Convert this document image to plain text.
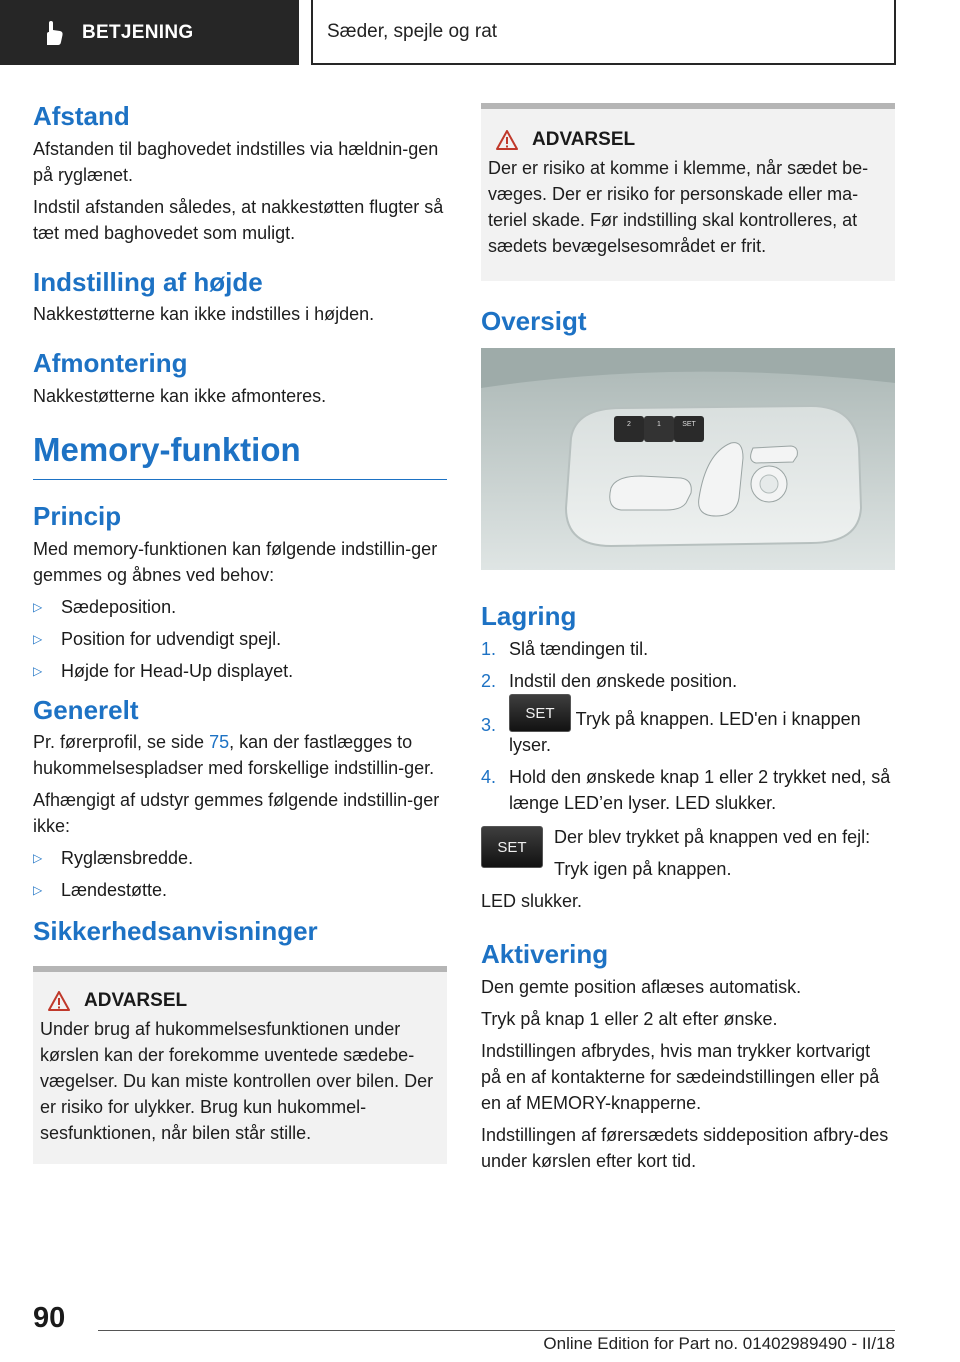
BETJENING	Sæder, spejle og rat
Afstand

Afstanden til baghovedet indstilles via hældnin-gen på ryglænet.

Indstil afstanden således, at nakkestøtten flugter så tæt med baghovedet som muligt.

Indstilling af højde

Nakkestøtterne kan ikke indstilles i højden.

Afmontering

Nakkestøtterne kan ikke afmonteres.

Memory-funktion
Princip

Med memory-funktionen kan følgende indstillin-ger gemmes og åbnes ved behov:

▷ Sædeposition.
▷ Position for udvendigt spejl.
▷ Højde for Head-Up displayet.
Generelt

Pr. førerprofil, se side 75, kan der fastlægges to hukommelsespladser med forskellige indstillin-ger.

Afhængigt af udstyr gemmes følgende indstillin-ger ikke:

▷ Ryglænsbredde.
▷ Lændestøtte.
Sikkerhedsanvisninger
ADVARSEL

Under brug af hukommelsesfunktionen under kørslen kan der forekomme uventede sædebe-vægelser. Du kan miste kontrollen over bilen. Der er risiko for ulykker. Brug kun hukommel-sesfunktionen, når bilen står stille.

ADVARSEL

Der er risiko at komme i klemme, når sædet be-væges. Der er risiko for personskade eller ma-teriel skade. Før indstilling skal kontrolleres, at sædets bevægelsesområdet er frit.

Oversigt
2	1	SET
Lagring
1. Slå tændingen til.
2. Indstil den ønskede position.
3.
SET Tryk på knappen. LED'en i knappen lyser.
4. Hold den ønskede knap 1 eller 2 trykket ned, så længe LED’en lyser. LED slukker.
SET

Der blev trykket på knappen ved en fejl:

Tryk igen på knappen.

LED slukker.

Aktivering

Den gemte position aflæses automatisk.

Tryk på knap 1 eller 2 alt efter ønske.

Indstillingen afbrydes, hvis man trykker kortvarigt på en af kontakterne for sædeindstillingen eller på en af MEMORY-knapperne.

Indstillingen af førersædets siddeposition afbry-des under kørslen efter kort tid.

90
Online Edition for Part no. 01402989490 - II/18
